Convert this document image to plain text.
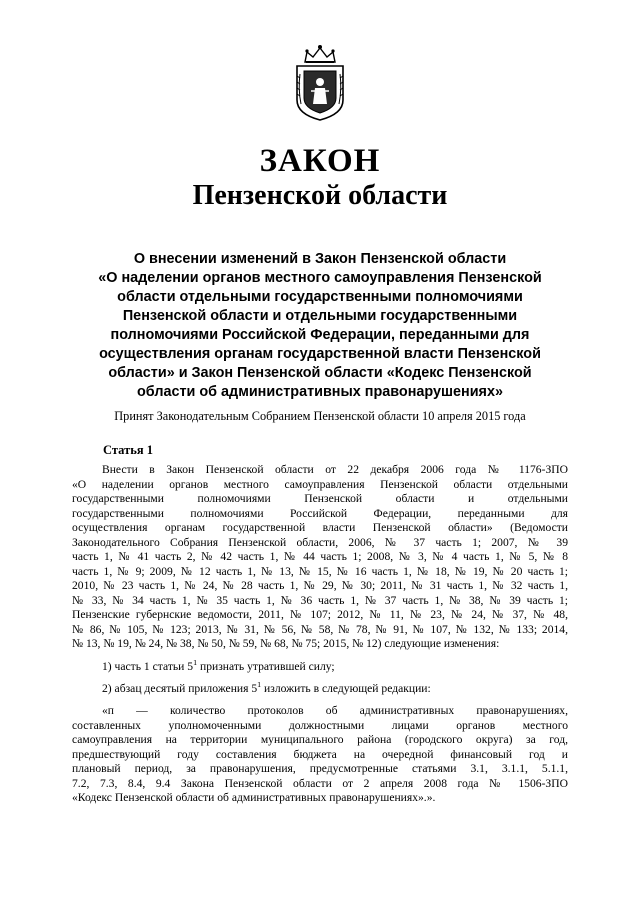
ЗАКОН
Пензенской области
О внесении изменений в Закон Пензенской области
«О наделении органов местного самоуправления Пензенской
области отдельными государственными полномочиями
Пензенской области и отдельными государственными
полномочиями Российской Федерации, переданными для
осуществления органам государственной власти Пензенской
области» и Закон Пензенской области «Кодекс Пензенской
области об административных правонарушениях»
Принят Законодательным Собранием Пензенской области 10 апреля 2015 года
Статья 1
Внести в Закон Пензенской области от 22 декабря 2006 года № 1176-ЗПО
«О наделении органов местного самоуправления Пензенской области отдельными
государственными полномочиями Пензенской области и отдельными
государственными полномочиями Российской Федерации, переданными для
осуществления органам государственной власти Пензенской области» (Ведомости
Законодательного Собрания Пензенской области, 2006, № 37 часть 1; 2007, № 39
часть 1, № 41 часть 2, № 42 часть 1, № 44 часть 1; 2008, № 3, № 4 часть 1, № 5, № 8
часть 1, № 9; 2009, № 12 часть 1, № 13, № 15, № 16 часть 1, № 18, № 19, № 20 часть 1;
2010, № 23 часть 1, № 24, № 28 часть 1, № 29, № 30; 2011, № 31 часть 1, № 32 часть 1,
№ 33, № 34 часть 1, № 35 часть 1, № 36 часть 1, № 37 часть 1, № 38, № 39 часть 1;
Пензенские губернские ведомости, 2011, № 107; 2012, № 11, № 23, № 24, № 37, № 48,
№ 86, № 105, № 123; 2013, № 31, № 56, № 58, № 78, № 91, № 107, № 132, № 133; 2014,
№ 13, № 19, № 24, № 38, № 50, № 59, № 68, № 75; 2015, № 12) следующие изменения:
1) часть 1 статьи $5^1$ признать утратившей силу;
2) абзац десятый приложения $5^1$ изложить в следующей редакции:
«п — количество протоколов об административных правонарушениях,
составленных уполномоченными должностными лицами органов местного
самоуправления на территории муниципального района (городского округа) за год,
предшествующий году составления бюджета на очередной финансовый год и
плановый период, за правонарушения, предусмотренные статьями 3.1, 3.1.1, 5.1.1,
7.2, 7.3, 8.4, 9.4 Закона Пензенской области от 2 апреля 2008 года № 1506-ЗПО
«Кодекс Пензенской области об административных правонарушениях».».
